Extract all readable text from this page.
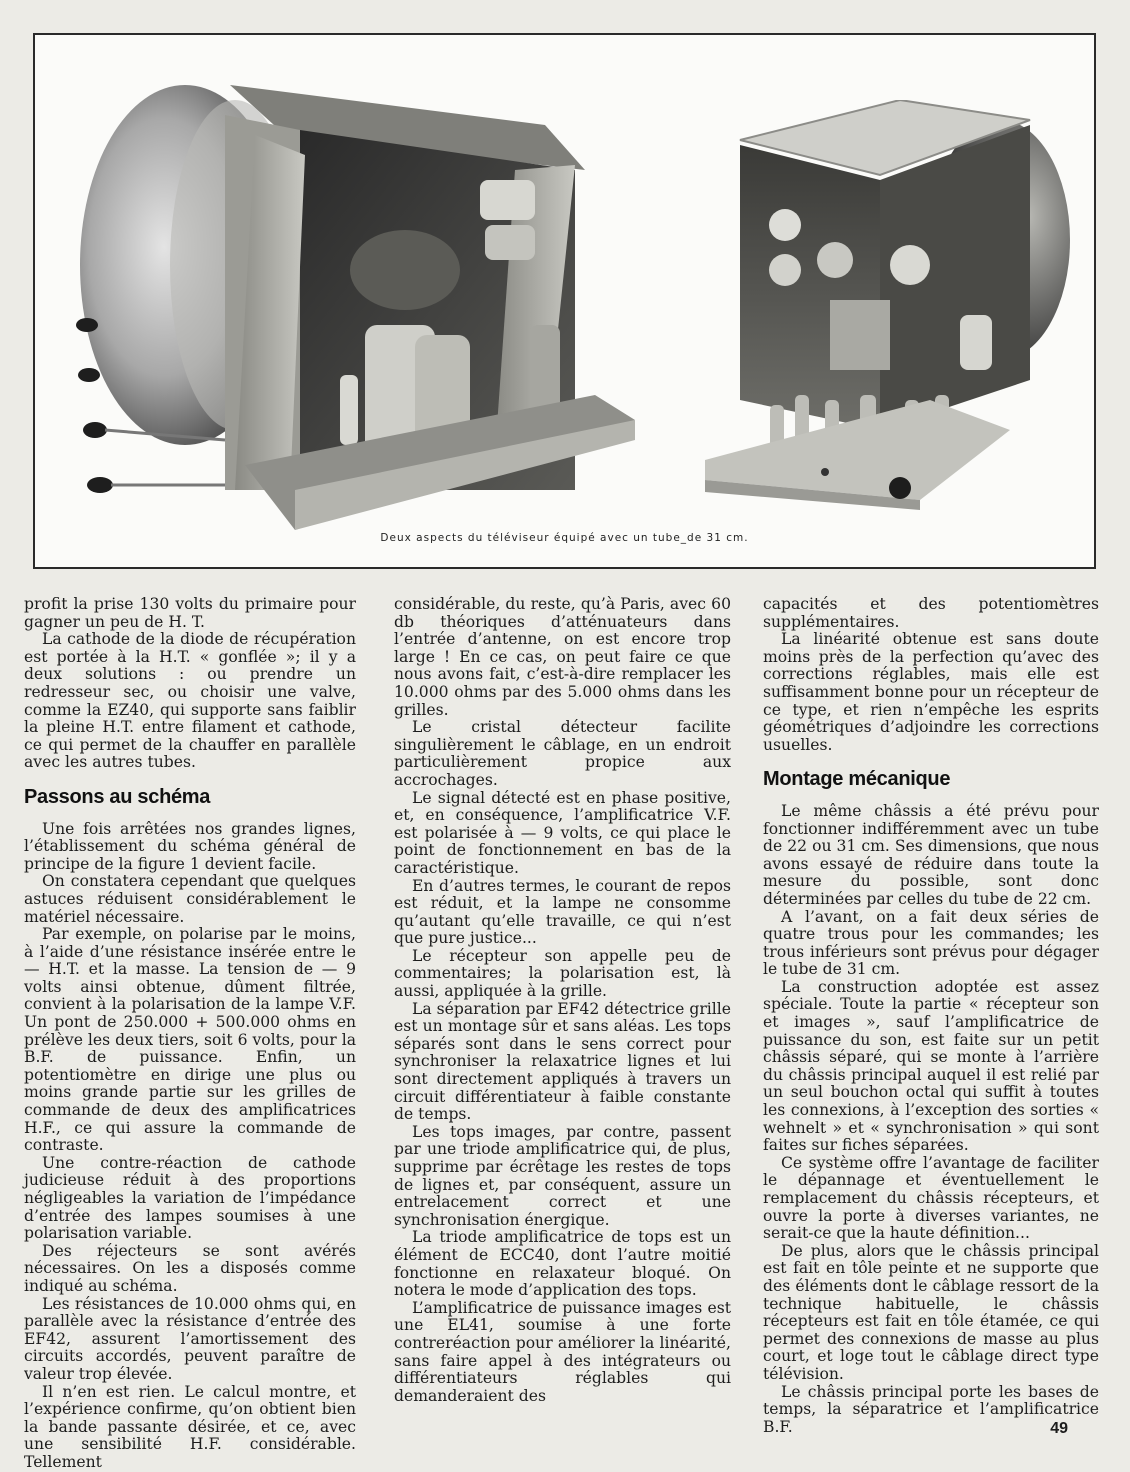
Deux aspects du téléviseur équipé avec un tube_de 31 cm.

profit la prise 130 volts du primaire pour gagner un peu de H. T.

La cathode de la diode de récupération est portée à la H.T. « gonflée »; il y a deux solutions : ou prendre un redresseur sec, ou choisir une valve, comme la EZ40, qui supporte sans faiblir la pleine H.T. entre filament et cathode, ce qui permet de la chauffer en parallèle avec les autres tubes.

Passons au schéma

Une fois arrêtées nos grandes lignes, l’établissement du schéma général de principe de la figure 1 devient facile.

On constatera cependant que quelques astuces réduisent considérablement le matériel nécessaire.

Par exemple, on polarise par le moins, à l’aide d’une résistance insérée entre le — H.T. et la masse. La tension de — 9 volts ainsi obtenue, dûment filtrée, convient à la polarisation de la lampe V.F. Un pont de 250.000 + 500.000 ohms en prélève les deux tiers, soit 6 volts, pour la B.F. de puissance. Enfin, un potentiomètre en dirige une plus ou moins grande partie sur les grilles de commande de deux des amplificatrices H.F., ce qui assure la commande de contraste.

Une contre-réaction de cathode judicieuse réduit à des proportions négligeables la variation de l’impédance d’entrée des lampes soumises à une polarisation variable.

Des réjecteurs se sont avérés nécessaires. On les a disposés comme indiqué au schéma.

Les résistances de 10.000 ohms qui, en parallèle avec la résistance d’entrée des EF42, assurent l’amortissement des circuits accordés, peuvent paraître de valeur trop élevée.

Il n’en est rien. Le calcul montre, et l’expérience confirme, qu’on obtient bien la bande passante désirée, et ce, avec une sensibilité H.F. considérable. Tellement

considérable, du reste, qu’à Paris, avec 60 db théoriques d’atténuateurs dans l’entrée d’antenne, on est encore trop large ! En ce cas, on peut faire ce que nous avons fait, c’est-à-dire remplacer les 10.000 ohms par des 5.000 ohms dans les grilles.

Le cristal détecteur facilite singulièrement le câblage, en un endroit particulièrement propice aux accrochages.

Le signal détecté est en phase positive, et, en conséquence, l’amplificatrice V.F. est polarisée à — 9 volts, ce qui place le point de fonctionnement en bas de la caractéristique.

En d’autres termes, le courant de repos est réduit, et la lampe ne consomme qu’autant qu’elle travaille, ce qui n’est que pure justice...

Le récepteur son appelle peu de commentaires; la polarisation est, là aussi, appliquée à la grille.

La séparation par EF42 détectrice grille est un montage sûr et sans aléas. Les tops séparés sont dans le sens correct pour synchroniser la relaxatrice lignes et lui sont directement appliqués à travers un circuit différentiateur à faible constante de temps.

Les tops images, par contre, passent par une triode amplificatrice qui, de plus, supprime par écrêtage les restes de tops de lignes et, par conséquent, assure un entrelacement correct et une synchronisation énergique.

La triode amplificatrice de tops est un élément de ECC40, dont l’autre moitié fonctionne en relaxateur bloqué. On notera le mode d’application des tops.

L’amplificatrice de puissance images est une EL41, soumise à une forte contreréaction pour améliorer la linéarité, sans faire appel à des intégrateurs ou différentiateurs réglables qui demanderaient des

capacités et des potentiomètres supplémentaires.

La linéarité obtenue est sans doute moins près de la perfection qu’avec des corrections réglables, mais elle est suffisamment bonne pour un récepteur de ce type, et rien n’empêche les esprits géométriques d’adjoindre les corrections usuelles.

Montage mécanique

Le même châssis a été prévu pour fonctionner indifféremment avec un tube de 22 ou 31 cm. Ses dimensions, que nous avons essayé de réduire dans toute la mesure du possible, sont donc déterminées par celles du tube de 22 cm.

A l’avant, on a fait deux séries de quatre trous pour les commandes; les trous inférieurs sont prévus pour dégager le tube de 31 cm.

La construction adoptée est assez spéciale. Toute la partie « récepteur son et images », sauf l’amplificatrice de puissance du son, est faite sur un petit châssis séparé, qui se monte à l’arrière du châssis principal auquel il est relié par un seul bouchon octal qui suffit à toutes les connexions, à l’exception des sorties « wehnelt » et « synchronisation » qui sont faites sur fiches séparées.

Ce système offre l’avantage de faciliter le dépannage et éventuellement le remplacement du châssis récepteurs, et ouvre la porte à diverses variantes, ne serait-ce que la haute définition...

De plus, alors que le châssis principal est fait en tôle peinte et ne supporte que des éléments dont le câblage ressort de la technique habituelle, le châssis récepteurs est fait en tôle étamée, ce qui permet des connexions de masse au plus court, et loge tout le câblage direct type télévision.

Le châssis principal porte les bases de temps, la séparatrice et l’amplificatrice B.F.	49
